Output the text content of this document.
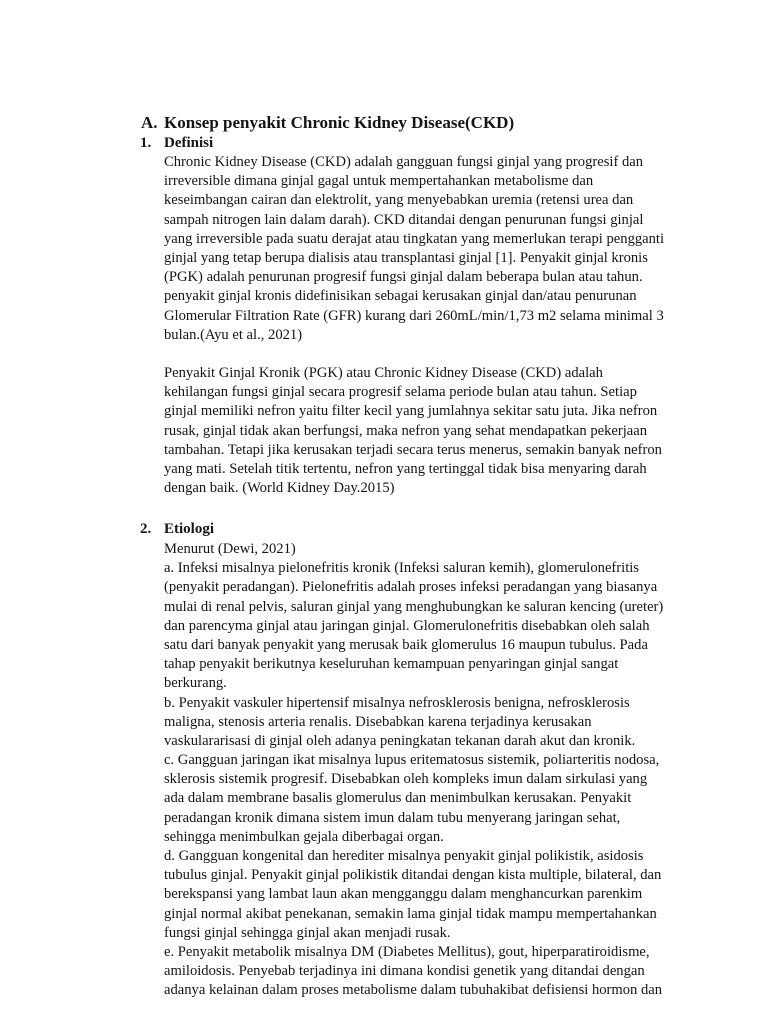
A. Konsep penyakit Chronic Kidney Disease(CKD)
1. Definisi
Chronic Kidney Disease (CKD) adalah gangguan fungsi ginjal yang progresif dan
irreversible dimana ginjal gagal untuk mempertahankan metabolisme dan
keseimbangan cairan dan elektrolit, yang menyebabkan uremia (retensi urea dan
sampah nitrogen lain dalam darah). CKD ditandai dengan penurunan fungsi ginjal
yang irreversible pada suatu derajat atau tingkatan yang memerlukan terapi pengganti
ginjal yang tetap berupa dialisis atau transplantasi ginjal [1]. Penyakit ginjal kronis
(PGK) adalah penurunan progresif fungsi ginjal dalam beberapa bulan atau tahun.
penyakit ginjal kronis didefinisikan sebagai kerusakan ginjal dan/atau penurunan
Glomerular Filtration Rate (GFR) kurang dari 260mL/min/1,73 m2 selama minimal 3
bulan.(Ayu et al., 2021)
Penyakit Ginjal Kronik (PGK) atau Chronic Kidney Disease (CKD) adalah
kehilangan fungsi ginjal secara progresif selama periode bulan atau tahun. Setiap
ginjal memiliki nefron yaitu filter kecil yang jumlahnya sekitar satu juta. Jika nefron
rusak, ginjal tidak akan berfungsi, maka nefron yang sehat mendapatkan pekerjaan
tambahan. Tetapi jika kerusakan terjadi secara terus menerus, semakin banyak nefron
yang mati. Setelah titik tertentu, nefron yang tertinggal tidak bisa menyaring darah
dengan baik. (World Kidney Day.2015)
2. Etiologi
Menurut (Dewi, 2021)
a. Infeksi misalnya pielonefritis kronik (Infeksi saluran kemih), glomerulonefritis
(penyakit peradangan). Pielonefritis adalah proses infeksi peradangan yang biasanya
mulai di renal pelvis, saluran ginjal yang menghubungkan ke saluran kencing (ureter)
dan parencyma ginjal atau jaringan ginjal. Glomerulonefritis disebabkan oleh salah
satu dari banyak penyakit yang merusak baik glomerulus 16 maupun tubulus. Pada
tahap penyakit berikutnya keseluruhan kemampuan penyaringan ginjal sangat
berkurang.
b. Penyakit vaskuler hipertensif misalnya nefrosklerosis benigna, nefrosklerosis
maligna, stenosis arteria renalis. Disebabkan karena terjadinya kerusakan
vaskulararisasi di ginjal oleh adanya peningkatan tekanan darah akut dan kronik.
c. Gangguan jaringan ikat misalnya lupus eritematosus sistemik, poliarteritis nodosa,
sklerosis sistemik progresif. Disebabkan oleh kompleks imun dalam sirkulasi yang
ada dalam membrane basalis glomerulus dan menimbulkan kerusakan. Penyakit
peradangan kronik dimana sistem imun dalam tubu menyerang jaringan sehat,
sehingga menimbulkan gejala diberbagai organ.
d. Gangguan kongenital dan herediter misalnya penyakit ginjal polikistik, asidosis
tubulus ginjal. Penyakit ginjal polikistik ditandai dengan kista multiple, bilateral, dan
berekspansi yang lambat laun akan mengganggu dalam menghancurkan parenkim
ginjal normal akibat penekanan, semakin lama ginjal tidak mampu mempertahankan
fungsi ginjal sehingga ginjal akan menjadi rusak.
e. Penyakit metabolik misalnya DM (Diabetes Mellitus), gout, hiperparatiroidisme,
amiloidosis. Penyebab terjadinya ini dimana kondisi genetik yang ditandai dengan
adanya kelainan dalam proses metabolisme dalam tubuhakibat defisiensi hormon dan
